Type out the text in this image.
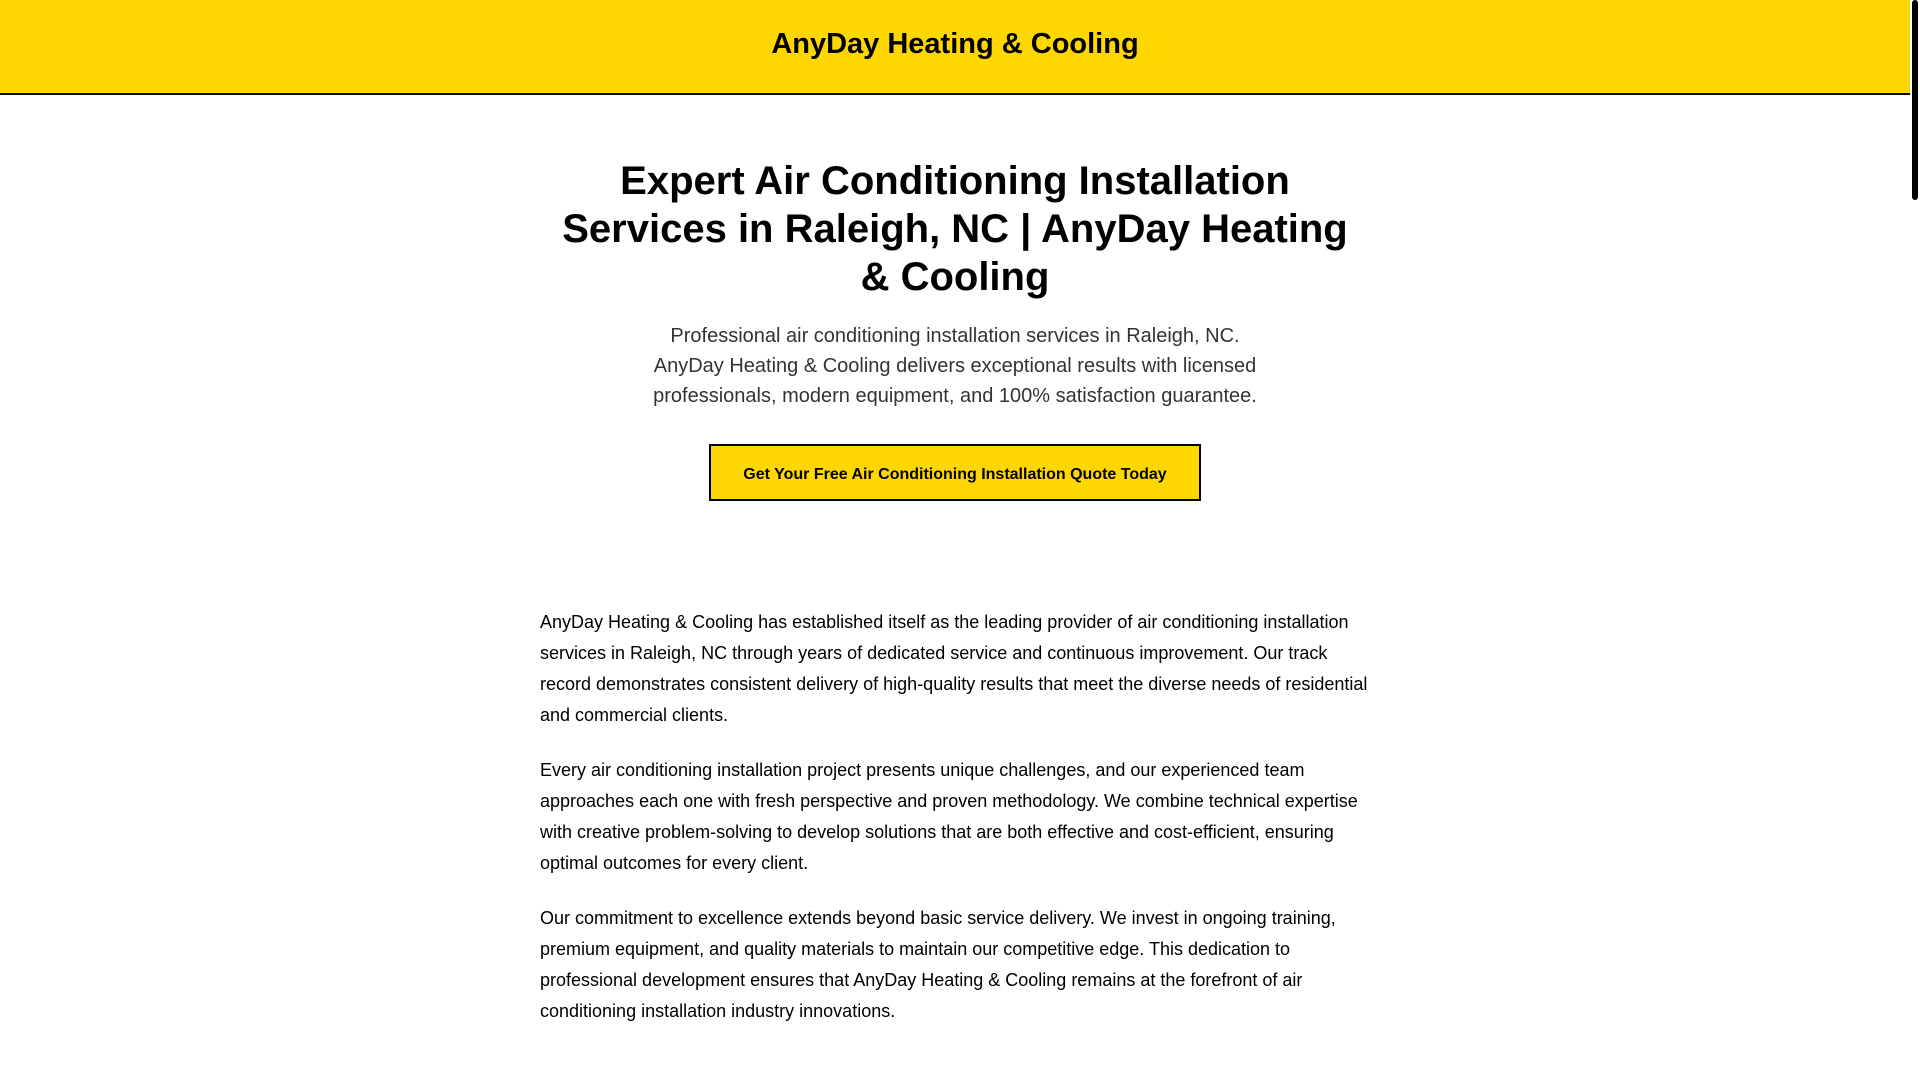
AnyDay Heating & Cooling
Expert Air Conditioning Installation Services in Raleigh, NC | AnyDay Heating & Cooling

Professional air conditioning installation services in Raleigh, NC. AnyDay Heating & Cooling delivers exceptional results with licensed professionals, modern equipment, and 100% satisfaction guarantee.

Get Your Free Air Conditioning Installation Quote Today

AnyDay Heating & Cooling has established itself as the leading provider of air conditioning installation services in Raleigh, NC through years of dedicated service and continuous improvement. Our track record demonstrates consistent delivery of high-quality results that meet the diverse needs of residential and commercial clients.

Every air conditioning installation project presents unique challenges, and our experienced team approaches each one with fresh perspective and proven methodology. We combine technical expertise with creative problem-solving to develop solutions that are both effective and cost-efficient, ensuring optimal outcomes for every client.

Our commitment to excellence extends beyond basic service delivery. We invest in ongoing training, premium equipment, and quality materials to maintain our competitive edge. This dedication to professional development ensures that AnyDay Heating & Cooling remains at the forefront of air conditioning installation industry innovations.
